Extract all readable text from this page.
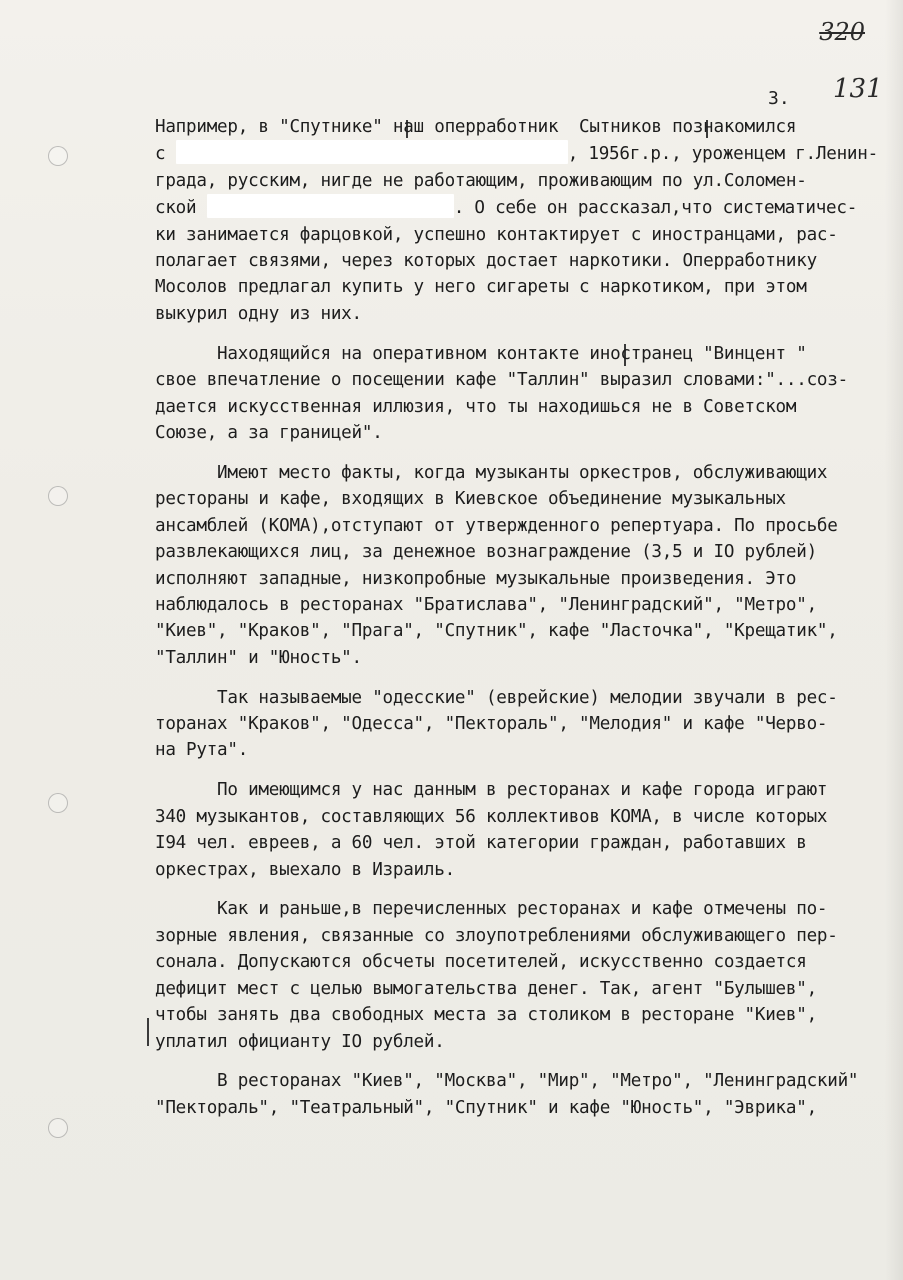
320
131
3.
Например, в "Спутнике" наш оперработник  Сытников познакомился
с	, 1956г.р., уроженцем г.Ленин-
града, русским, нигде не работающим, проживающим по ул.Соломен-
ской	. О себе он рассказал,что систематичес-
ки занимается фарцовкой, успешно контактирует с иностранцами, рас-
полагает связями, через которых достает наркотики. Оперработнику
Мосолов предлагал купить у него сигареты с наркотиком, при этом
выкурил одну из них.
Находящийся на оперативном контакте иностранец "Винцент "
свое впечатление о посещении кафе "Таллин" выразил словами:"...соз-
дается искусственная иллюзия, что ты находишься не в Советском
Союзе, а за границей".
Имеют место факты, когда музыканты оркестров, обслуживающих
рестораны и кафе, входящих в Киевское объединение музыкальных
ансамблей (КОМА),отступают от утвержденного репертуара. По просьбе
развлекающихся лиц, за денежное вознаграждение (3,5 и IO рублей)
исполняют западные, низкопробные музыкальные произведения. Это
наблюдалось в ресторанах "Братислава", "Ленинградский", "Метро",
"Киев", "Краков", "Прага", "Спутник", кафе "Ласточка", "Крещатик",
"Таллин" и "Юность".
Так называемые "одесские" (еврейские) мелодии звучали в рес-
торанах "Краков", "Одесса", "Пектораль", "Мелодия" и кафе "Черво-
на Рута".
По имеющимся у нас данным в ресторанах и кафе города играют
340 музыкантов, составляющих 56 коллективов КОМА, в числе которых
I94 чел. евреев, а 60 чел. этой категории граждан, работавших в
оркестрах, выехало в Израиль.
Как и раньше,в перечисленных ресторанах и кафе отмечены по-
зорные явления, связанные со злоупотреблениями обслуживающего пер-
сонала. Допускаются обсчеты посетителей, искусственно создается
дефицит мест с целью вымогательства денег. Так, агент "Булышев",
чтобы занять два свободных места за столиком в ресторане "Киев",
уплатил официанту IO рублей.
В ресторанах "Киев", "Москва", "Мир", "Метро", "Ленинградский"
"Пектораль", "Театральный", "Спутник" и кафе "Юность", "Эврика",
